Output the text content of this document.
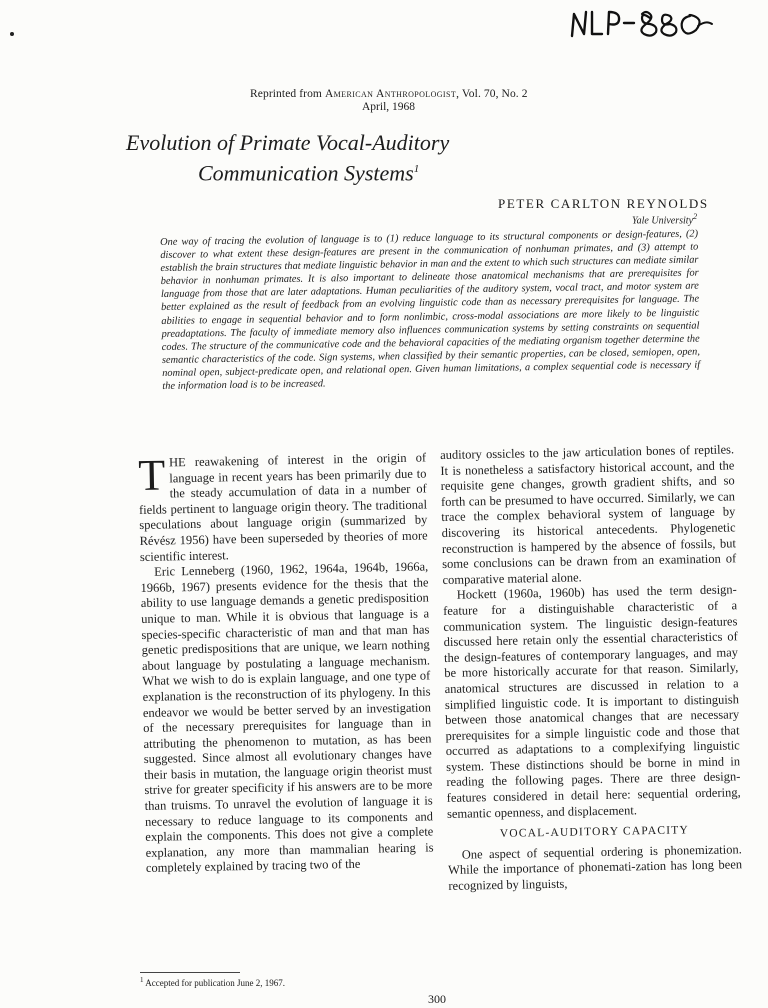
Reprinted from American Anthropologist, Vol. 70, No. 2
April, 1968
Evolution of Primate Vocal-Auditory
Communication Systems$^1$
PETER CARLTON REYNOLDS
Yale University$^2$
One way of tracing the evolution of language is to (1) reduce language to its structural components or design-features, (2) discover to what extent these design-features are present in the communication of nonhuman primates, and (3) attempt to establish the brain structures that mediate linguistic behavior in man and the extent to which such structures can mediate similar behavior in nonhuman primates. It is also important to delineate those anatomical mechanisms that are prerequisites for language from those that are later adaptations. Human peculiarities of the auditory system, vocal tract, and motor system are better explained as the result of feedback from an evolving linguistic code than as necessary prerequisites for language. The abilities to engage in sequential behavior and to form nonlimbic, cross-modal associations are more likely to be linguistic preadaptations. The faculty of immediate memory also influences communication systems by setting constraints on sequential codes. The structure of the communicative code and the behavioral capacities of the mediating organism together determine the semantic characteristics of the code. Sign systems, when classified by their semantic properties, can be closed, semiopen, open, nominal open, subject-predicate open, and relational open. Given human limitations, a complex sequential code is necessary if the information load is to be increased.

THE reawakening of interest in the origin of language in recent years has been primarily due to the steady accumulation of data in a number of fields pertinent to language origin theory. The traditional speculations about language origin (summarized by Révész 1956) have been superseded by theories of more scientific interest.

Eric Lenneberg (1960, 1962, 1964a, 1964b, 1966a, 1966b, 1967) presents evidence for the thesis that the ability to use language demands a genetic predisposition unique to man. While it is obvious that language is a species-specific characteristic of man and that man has genetic predispositions that are unique, we learn nothing about language by postulating a language mechanism. What we wish to do is explain language, and one type of explanation is the reconstruction of its phylogeny. In this endeavor we would be better served by an investigation of the necessary prerequisites for language than in attributing the phenomenon to mutation, as has been suggested. Since almost all evolutionary changes have their basis in mutation, the language origin theorist must strive for greater specificity if his answers are to be more than truisms. To unravel the evolution of language it is necessary to reduce language to its components and explain the components. This does not give a complete explanation, any more than mammalian hearing is completely explained by tracing two of the

auditory ossicles to the jaw articulation bones of reptiles. It is nonetheless a satisfactory historical account, and the requisite gene changes, growth gradient shifts, and so forth can be presumed to have occurred. Similarly, we can trace the complex behavioral system of language by discovering its historical antecedents. Phylogenetic reconstruction is hampered by the absence of fossils, but some conclusions can be drawn from an examination of comparative material alone.

Hockett (1960a, 1960b) has used the term design-feature for a distinguishable characteristic of a communication system. The linguistic design-features discussed here retain only the essential characteristics of the design-features of contemporary languages, and may be more historically accurate for that reason. Similarly, anatomical structures are discussed in relation to a simplified linguistic code. It is important to distinguish between those anatomical changes that are necessary prerequisites for a simple linguistic code and those that occurred as adaptations to a complexifying linguistic system. These distinctions should be borne in mind in reading the following pages. There are three design-features considered in detail here: sequential ordering, semantic openness, and displacement.

VOCAL-AUDITORY CAPACITY

One aspect of sequential ordering is phonemization. While the importance of phonemati-zation has long been recognized by linguists,

$^1$ Accepted for publication June 2, 1967.
300
